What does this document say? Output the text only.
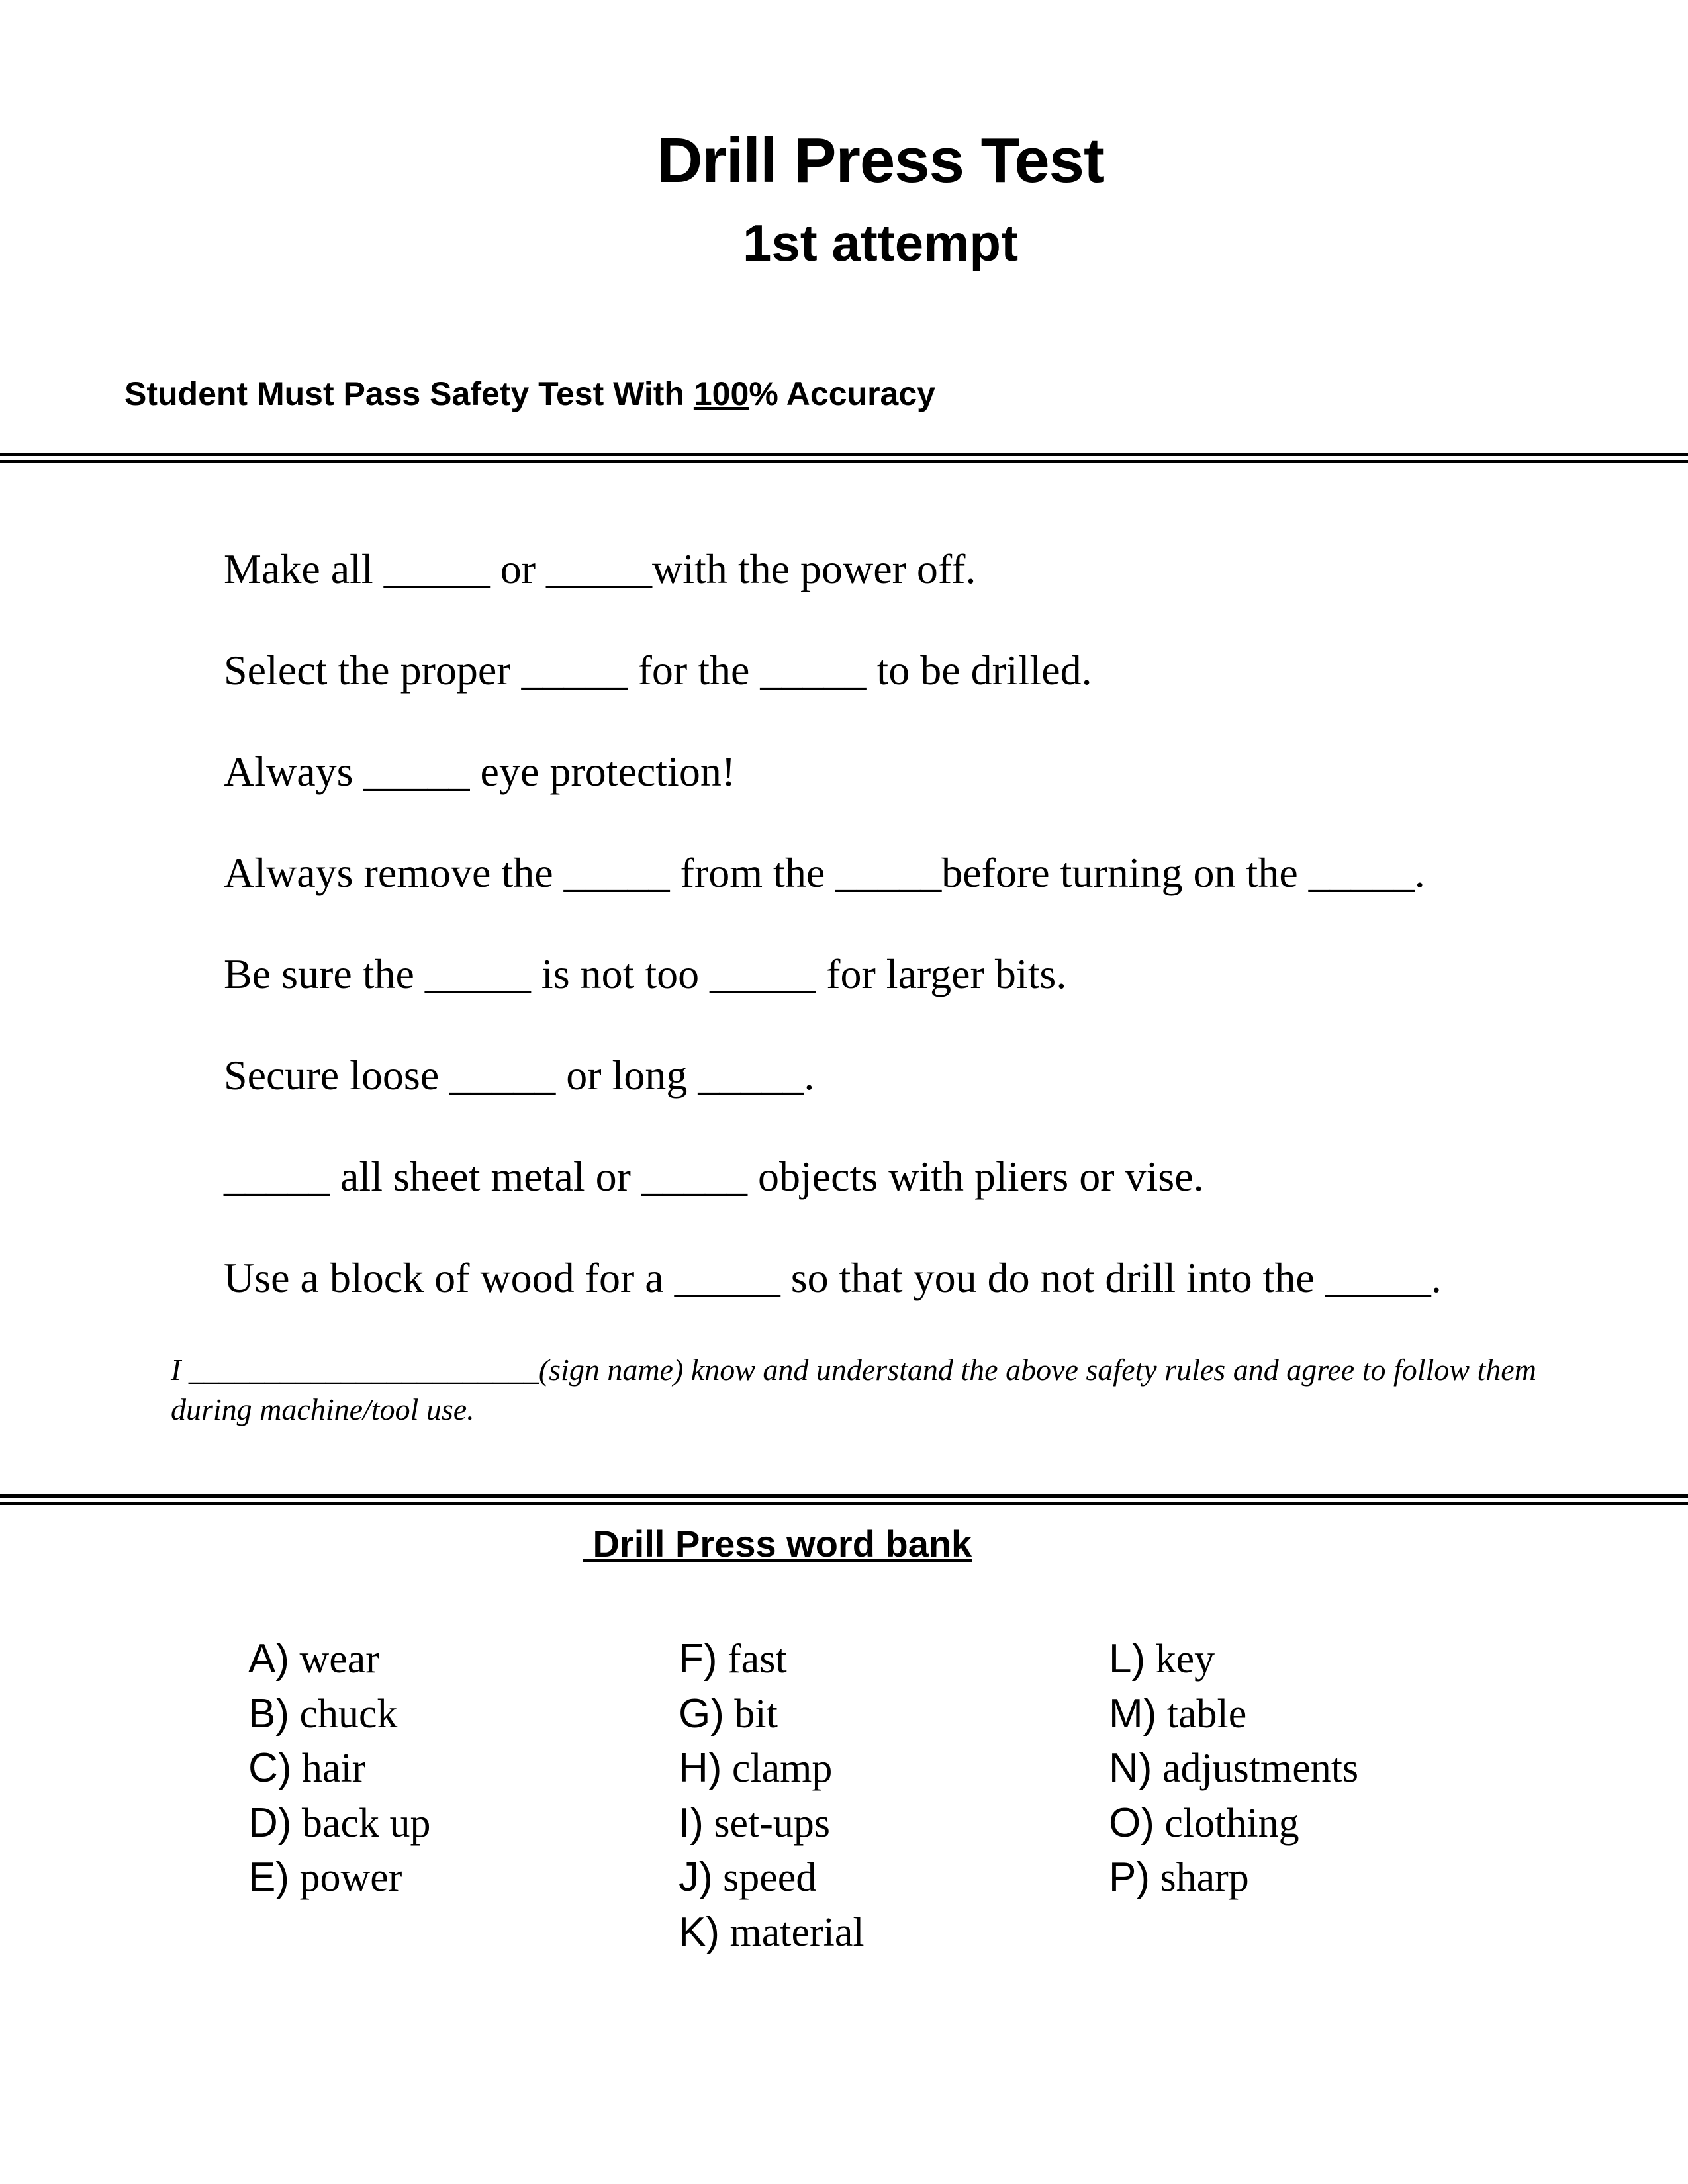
Drill Press Test
1st attempt
Student Must Pass Safety Test With 100% Accuracy
Make all _____ or _____with the power off.
Select the proper _____ for the _____ to be drilled.
Always _____ eye protection!
Always remove the _____ from the _____before turning on the _____.
Be sure the _____ is not too _____ for larger bits.
Secure loose _____ or long _____.
_____ all sheet metal or _____ objects with pliers or vise.
Use a block of wood for a _____ so that you do not drill into the _____.

I _______________________(sign name) know and understand the above safety rules and agree to follow them during machine/tool use.

Drill Press word bank
A) wear
B) chuck
C) hair
D) back up
E) power
F) fast
G) bit
H) clamp
I) set-ups
J) speed
K) material
L) key
M) table
N) adjustments
O) clothing
P) sharp
